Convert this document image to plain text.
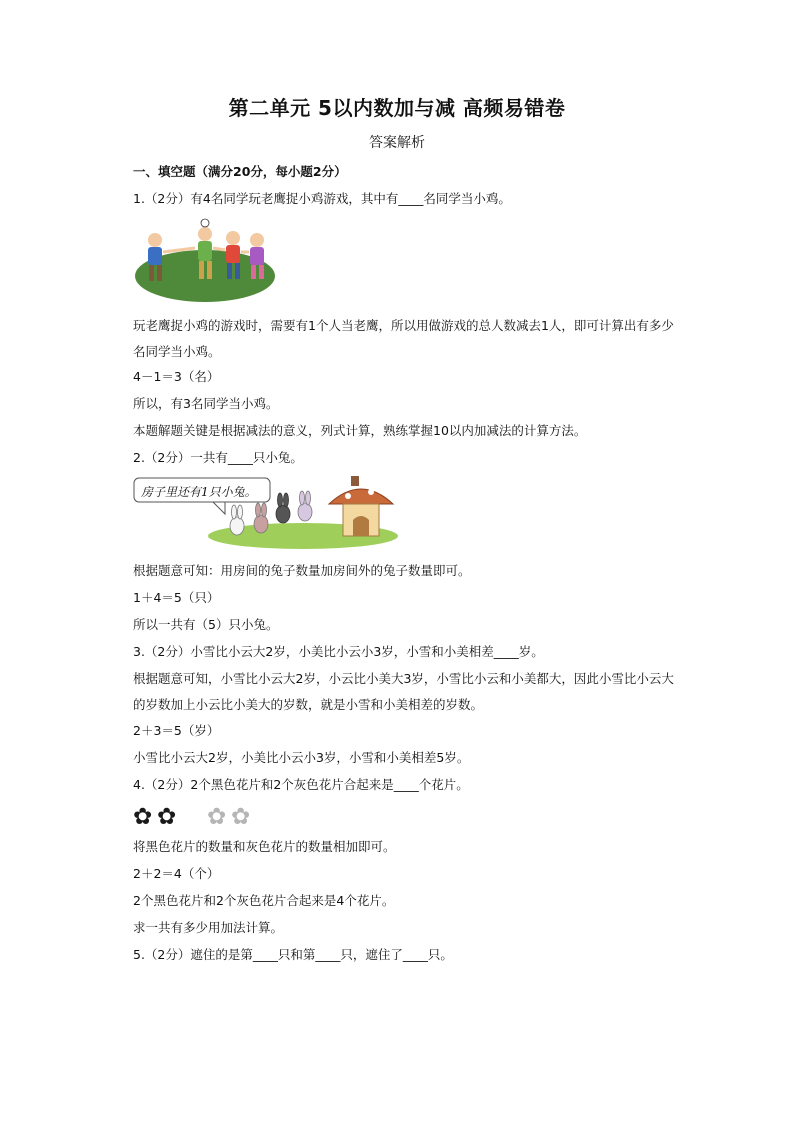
第二单元 5以内数加与减 高频易错卷
答案解析
一、填空题（满分20分，每小题2分）
1.（2分）有4名同学玩老鹰捉小鸡游戏，其中有____名同学当小鸡。
玩老鹰捉小鸡的游戏时，需要有1个人当老鹰，所以用做游戏的总人数减去1人，即可计算出有多少名同学当小鸡。
4－1＝3（名）
所以，有3名同学当小鸡。
本题解题关键是根据减法的意义，列式计算，熟练掌握10以内加减法的计算方法。
2.（2分）一共有____只小兔。
房子里还有1只小兔。
根据题意可知：用房间的兔子数量加房间外的兔子数量即可。
1＋4＝5（只）
所以一共有（5）只小兔。
3.（2分）小雪比小云大2岁，小美比小云小3岁，小雪和小美相差____岁。
根据题意可知，小雪比小云大2岁，小云比小美大3岁，小雪比小云和小美都大，因此小雪比小云大的岁数加上小云比小美大的岁数，就是小雪和小美相差的岁数。
2＋3＝5（岁）
小雪比小云大2岁，小美比小云小3岁，小雪和小美相差5岁。
4.（2分）2个黑色花片和2个灰色花片合起来是____个花片。
✿ ✿ ✿ ✿
将黑色花片的数量和灰色花片的数量相加即可。
2＋2＝4（个）
2个黑色花片和2个灰色花片合起来是4个花片。
求一共有多少用加法计算。
5.（2分）遮住的是第____只和第____只，遮住了____只。
